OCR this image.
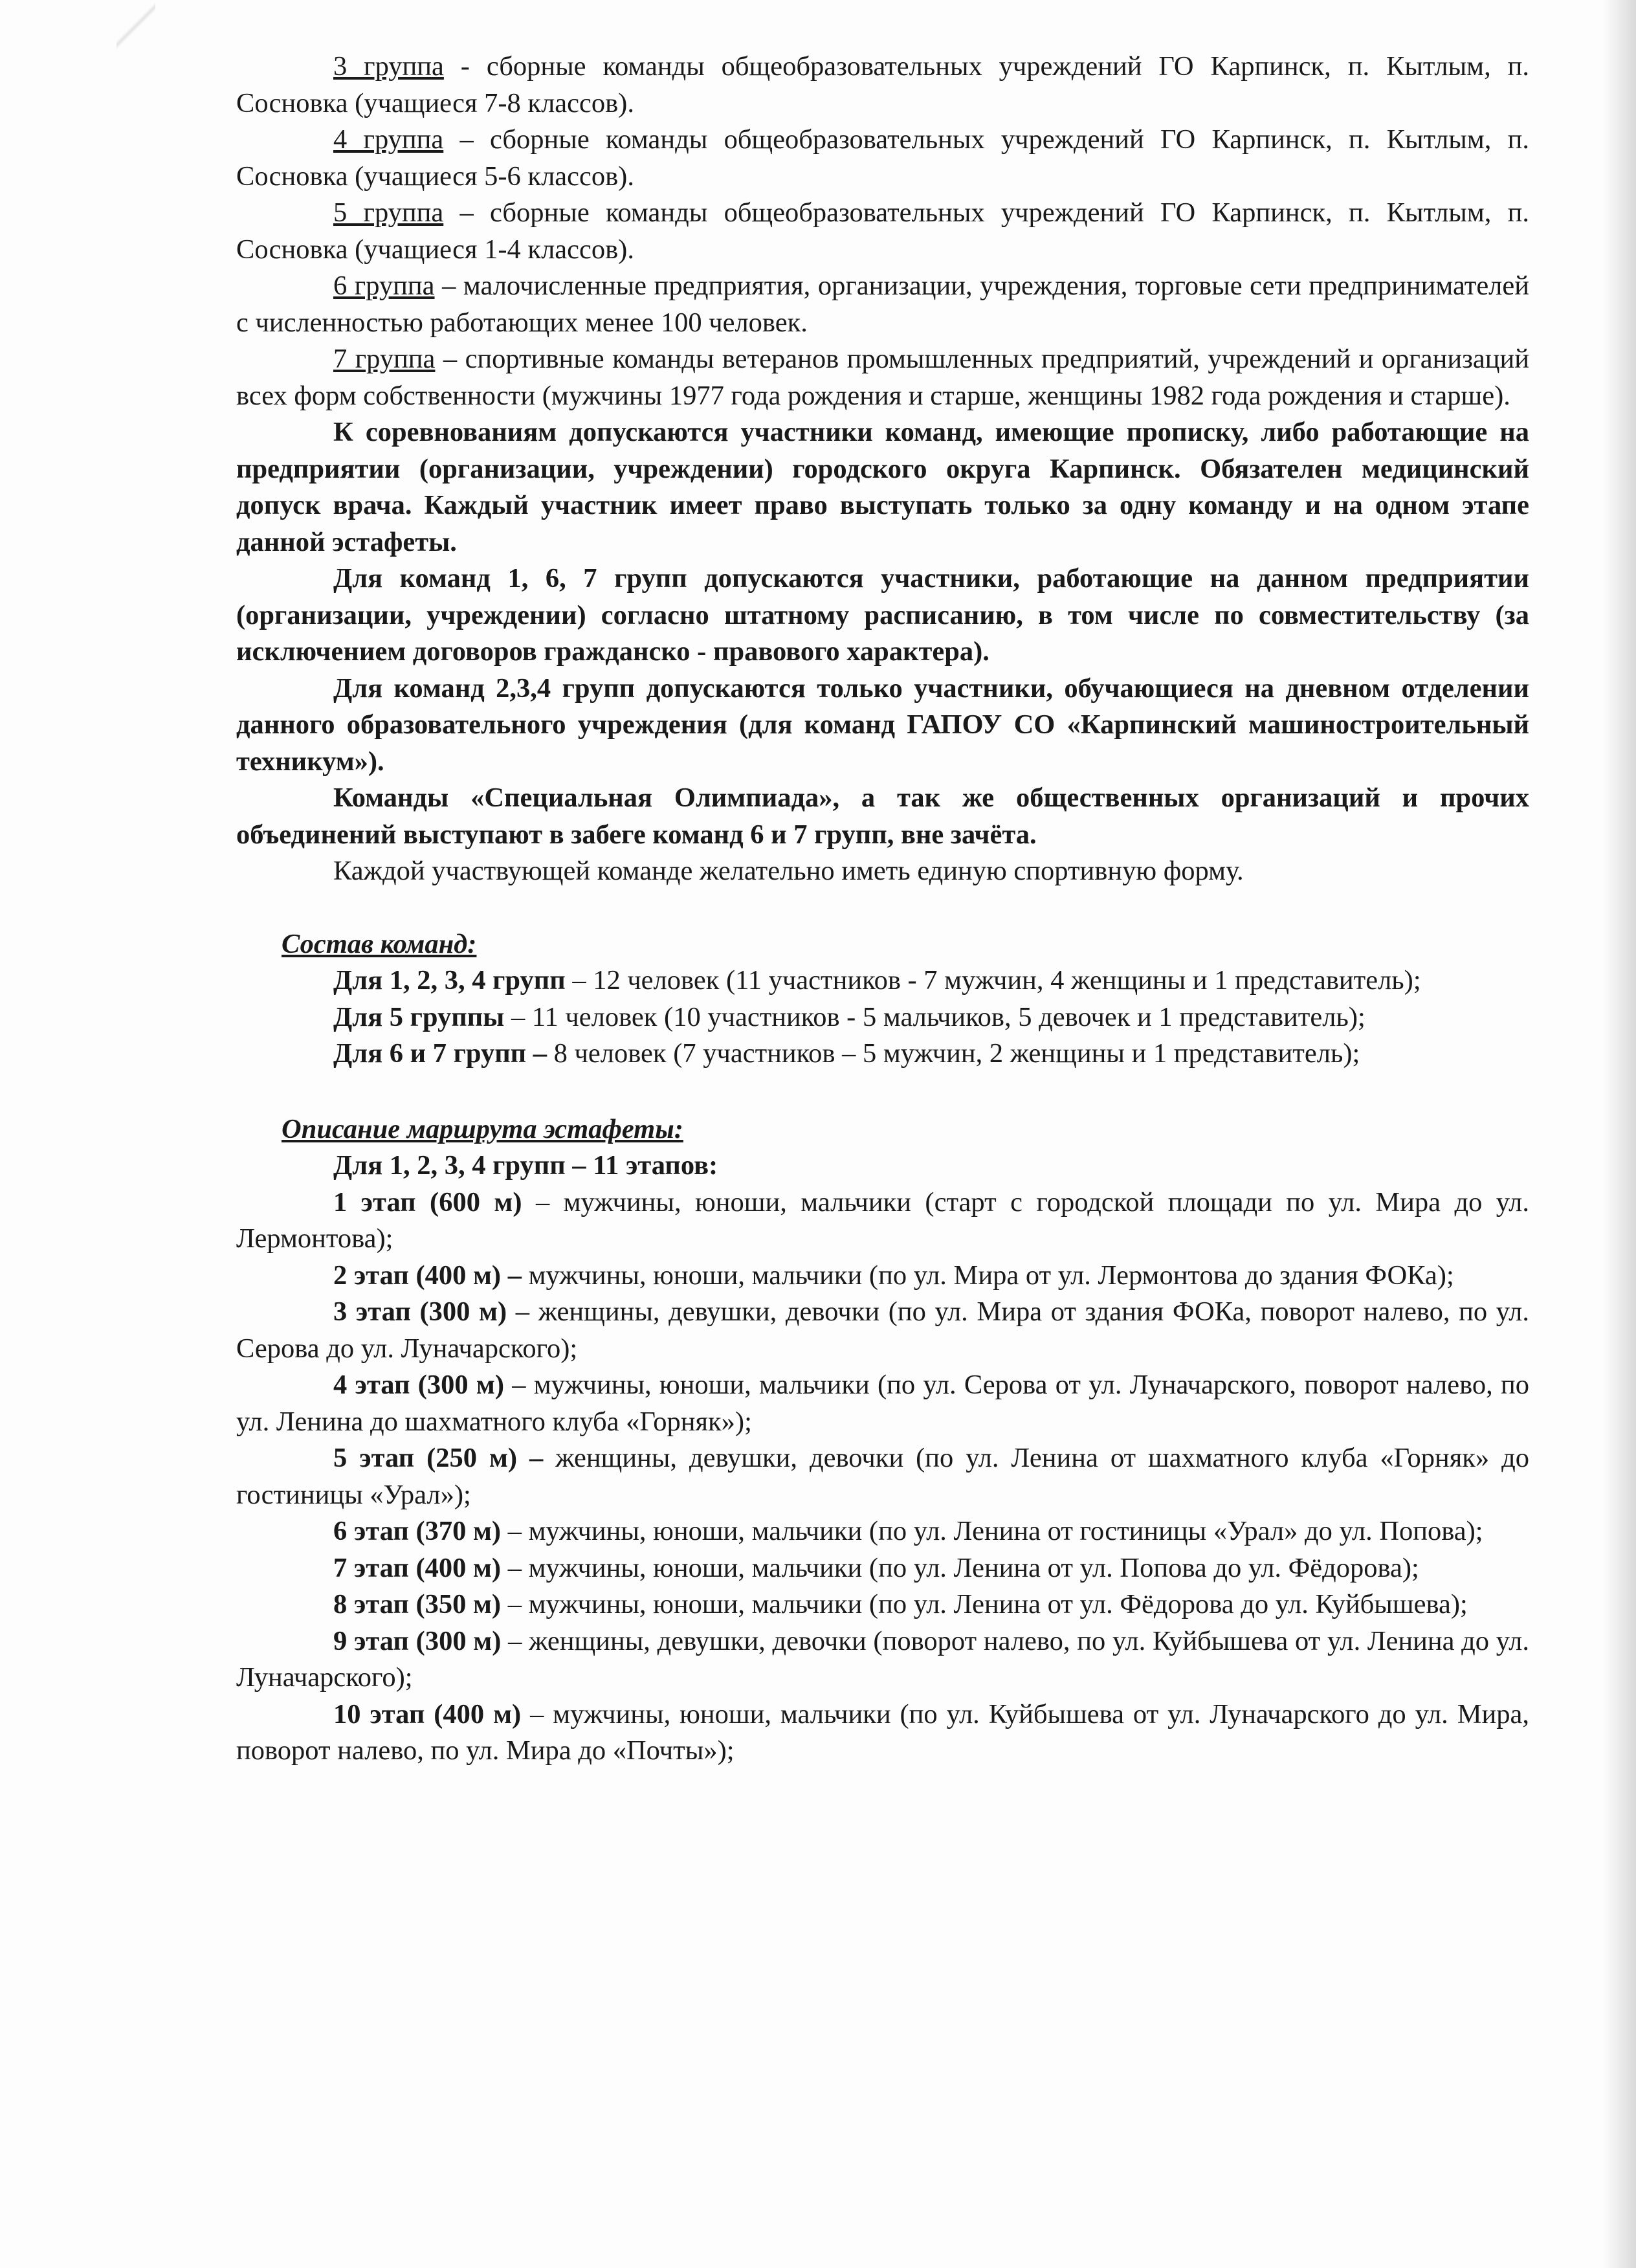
3 группа - сборные команды общеобразовательных учреждений ГО Карпинск, п. Кытлым, п. Сосновка (учащиеся 7-8 классов).

4 группа – сборные команды общеобразовательных учреждений ГО Карпинск, п. Кытлым, п. Сосновка (учащиеся 5-6 классов).

5 группа – сборные команды общеобразовательных учреждений ГО Карпинск, п. Кытлым, п. Сосновка (учащиеся 1-4 классов).

6 группа – малочисленные предприятия, организации, учреждения, торговые сети предпринимателей с численностью работающих менее 100 человек.

7 группа – спортивные команды ветеранов промышленных предприятий, учреждений и организаций всех форм собственности (мужчины 1977 года рождения и старше, женщины 1982 года рождения и старше).

К соревнованиям допускаются участники команд, имеющие прописку, либо работающие на предприятии (организации, учреждении) городского округа Карпинск. Обязателен медицинский допуск врача. Каждый участник имеет право выступать только за одну команду и на одном этапе данной эстафеты.

Для команд 1, 6, 7 групп допускаются участники, работающие на данном предприятии (организации, учреждении) согласно штатному расписанию, в том числе по совместительству (за исключением договоров гражданско - правового характера).

Для команд 2,3,4 групп допускаются только участники, обучающиеся на дневном отделении данного образовательного учреждения (для команд ГАПОУ СО «Карпинский машиностроительный техникум»).

Команды «Специальная Олимпиада», а так же общественных организаций и прочих объединений выступают в забеге команд 6 и 7 групп, вне зачёта.

Каждой участвующей команде желательно иметь единую спортивную форму.

Состав команд:

Для 1, 2, 3, 4 групп – 12 человек (11 участников - 7 мужчин, 4 женщины и 1 представитель);

Для 5 группы – 11 человек (10 участников - 5 мальчиков, 5 девочек и 1 представитель);

Для 6 и 7 групп – 8 человек (7 участников – 5 мужчин, 2 женщины и 1 представитель);

Описание маршрута эстафеты:

Для 1, 2, 3, 4 групп – 11 этапов:

1 этап (600 м) – мужчины, юноши, мальчики (старт с городской площади по ул. Мира до ул. Лермонтова);

2 этап (400 м) – мужчины, юноши, мальчики (по ул. Мира от ул. Лермонтова до здания ФОКа);

3 этап (300 м) – женщины, девушки, девочки (по ул. Мира от здания ФОКа, поворот налево, по ул. Серова до ул. Луначарского);

4 этап (300 м) – мужчины, юноши, мальчики (по ул. Серова от ул. Луначарского, поворот налево, по ул. Ленина до шахматного клуба «Горняк»);

5 этап (250 м) – женщины, девушки, девочки (по ул. Ленина от шахматного клуба «Горняк» до гостиницы «Урал»);

6 этап (370 м) – мужчины, юноши, мальчики (по ул. Ленина от гостиницы «Урал» до ул. Попова);

7 этап (400 м) – мужчины, юноши, мальчики (по ул. Ленина от ул. Попова до ул. Фёдорова);

8 этап (350 м) – мужчины, юноши, мальчики (по ул. Ленина от ул. Фёдорова до ул. Куйбышева);

9 этап (300 м) – женщины, девушки, девочки (поворот налево, по ул. Куйбышева от ул. Ленина до ул. Луначарского);

10 этап (400 м) – мужчины, юноши, мальчики (по ул. Куйбышева от ул. Луначарского до ул. Мира, поворот налево, по ул. Мира до «Почты»);
